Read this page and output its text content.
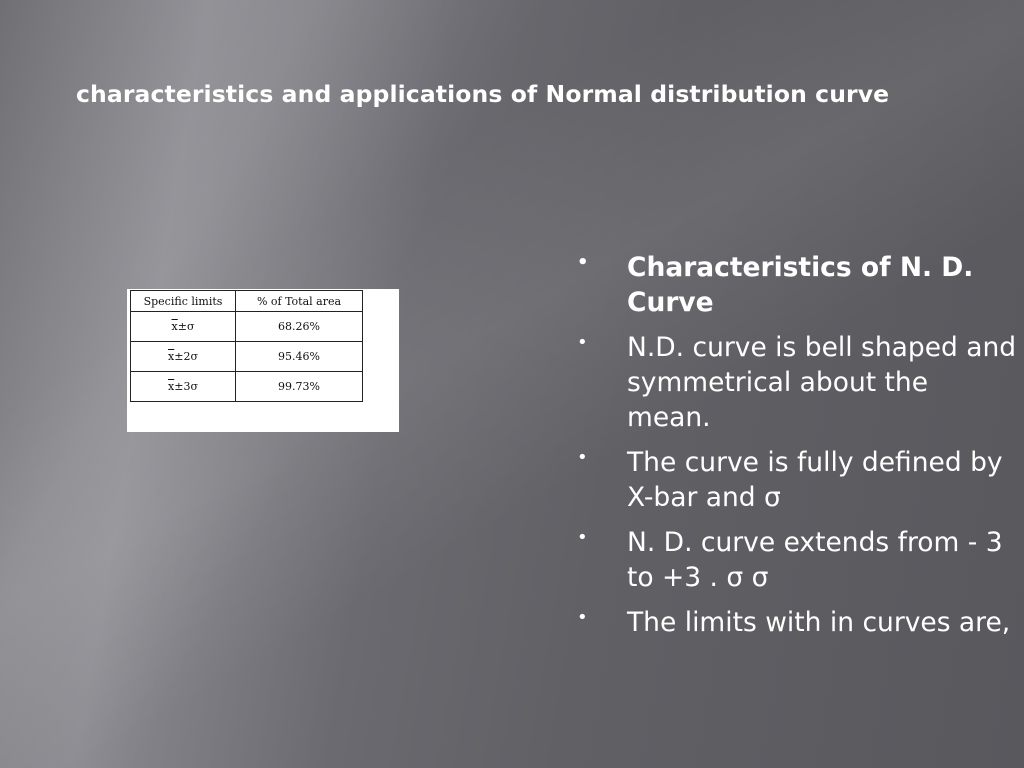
characteristics and applications of Normal distribution curve
Specific limits	% of Total area
$\overline{x}\pm\sigma$	68.26%
$\overline{x}\pm 2\sigma$	95.46%
$\overline{x}\pm 3\sigma$	99.73%
• Characteristics of N. D. Curve
• N.D. curve is bell shaped and symmetrical about the mean.
• The curve is fully defined by X-bar and σ
• N. D. curve extends from - 3 to +3 . σ σ
• The limits with in curves are,
